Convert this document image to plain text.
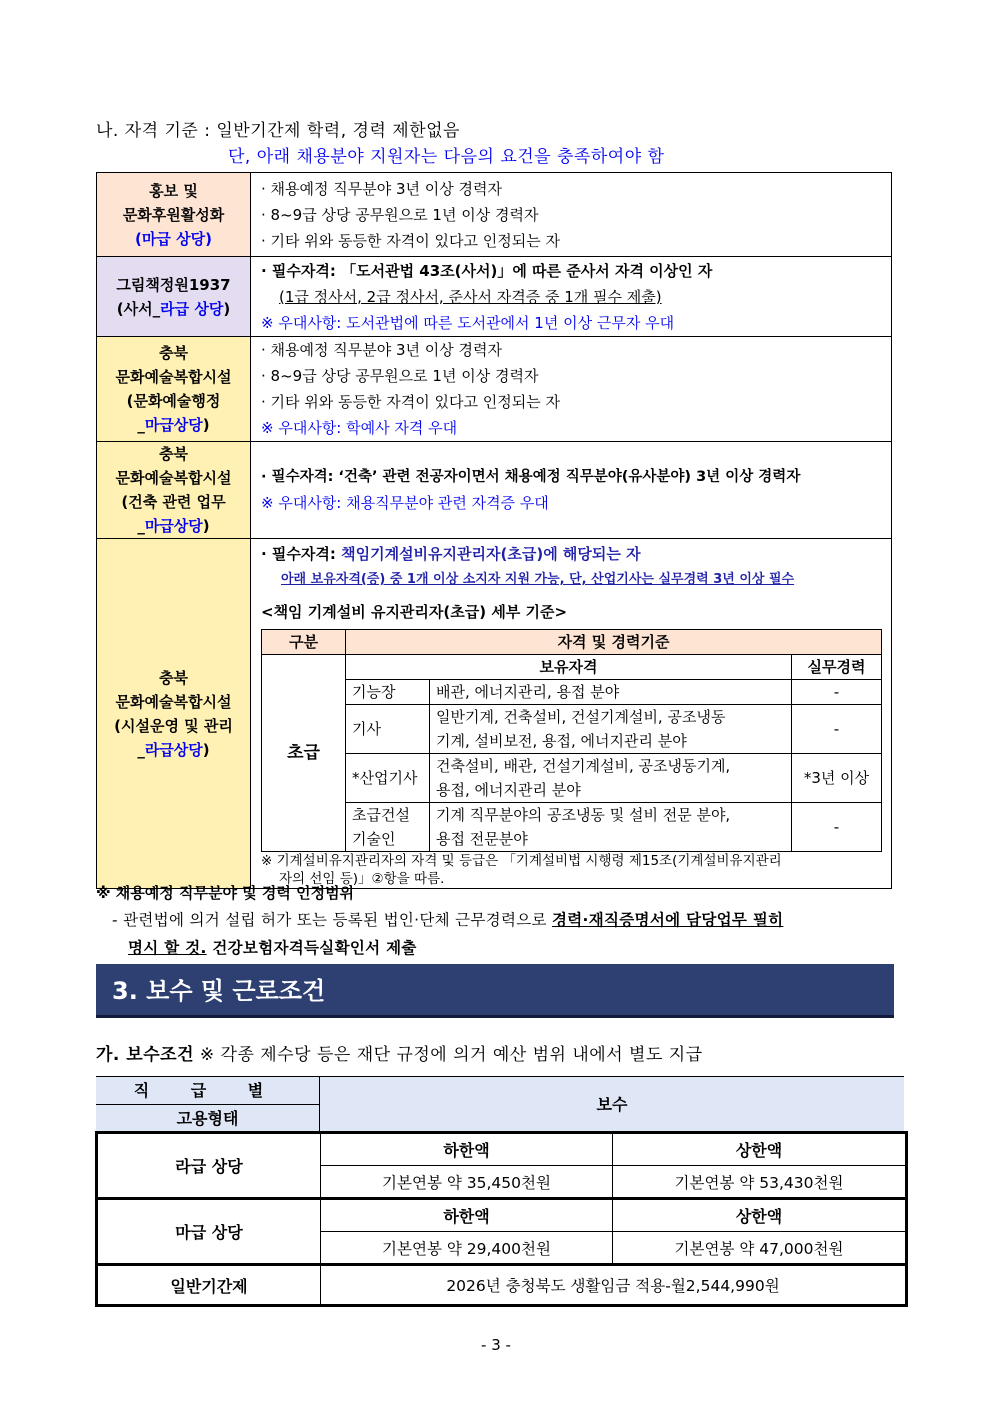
나. 자격 기준 : 일반기간제 학력, 경력 제한없음
단, 아래 채용분야 지원자는 다음의 요건을 충족하여야 함
홍보 및
문화후원활성화
(마급 상당)

· 채용예정 직무분야 3년 이상 경력자
· 8~9급 상당 공무원으로 1년 이상 경력자
· 기타 위와 동등한 자격이 있다고 인정되는 자

그림책정원1937
(사서_라급 상당)

· 필수자격: 「도서관법 43조(사서)」에 따른 준사서 자격 이상인 자
(1급 정사서, 2급 정사서, 준사서 자격증 중 1개 필수 제출)
※ 우대사항: 도서관법에 따른 도서관에서 1년 이상 근무자 우대

충북
문화예술복합시설
(문화예술행정
_마급상당)

· 채용예정 직무분야 3년 이상 경력자
· 8~9급 상당 공무원으로 1년 이상 경력자
· 기타 위와 동등한 자격이 있다고 인정되는 자
※ 우대사항: 학예사 자격 우대

충북
문화예술복합시설
(건축 관련 업무
_마급상당)

· 필수자격: ‘건축’ 관련 전공자이면서 채용예정 직무분야(유사분야) 3년 이상 경력자
※ 우대사항: 채용직무분야 관련 자격증 우대

충북
문화예술복합시설
(시설운영 및 관리
_라급상당)

· 필수자격: 책임기계설비유지관리자(초급)에 해당되는 자
아래 보유자격(증) 중 1개 이상 소지자 지원 가능, 단, 산업기사는 실무경력 3년 이상 필수
<책임 기계설비 유지관리자(초급) 세부 기준>
구분	자격 및 경력기준
초급	보유자격	실무경력
기능장	배관, 에너지관리, 용접 분야	-
기사	
일반기계, 건축설비, 건설기계설비, 공조냉동
기계, 설비보전, 용접, 에너지관리 분야
	-
*산업기사	
건축설비, 배관, 건설기계설비, 공조냉동기계,
용접, 에너지관리 분야
	*3년 이상

초급건설
기술인

기계 직무분야의 공조냉동 및 설비 전문 분야,
용접 전문분야
	-
※ 기계설비유지관리자의 자격 및 등급은 「기계설비법 시행령 제15조(기계설비유지관리
자의 선임 등)」②항을 따름.
※ 채용예정 직무분야 및 경력 인정범위
- 관련법에 의거 설립 허가 또는 등록된 법인·단체 근무경력으로 경력·재직증명서에 담당업무 필히
명시 할 것. 건강보험자격득실확인서 제출
3. 보수 및 근로조건
가. 보수조건 ※ 각종 제수당 등은 재단 규정에 의거 예산 범위 내에서 별도 지급
직 급 별
고용형태
보수
라급 상당	하한액	상한액
	기본연봉 약 35,450천원	기본연봉 약 53,430천원
마급 상당	하한액	상한액
	기본연봉 약 29,400천원	기본연봉 약 47,000천원
일반기간제	2026년 충청북도 생활임금 적용-월2,544,990원	
- 3 -
